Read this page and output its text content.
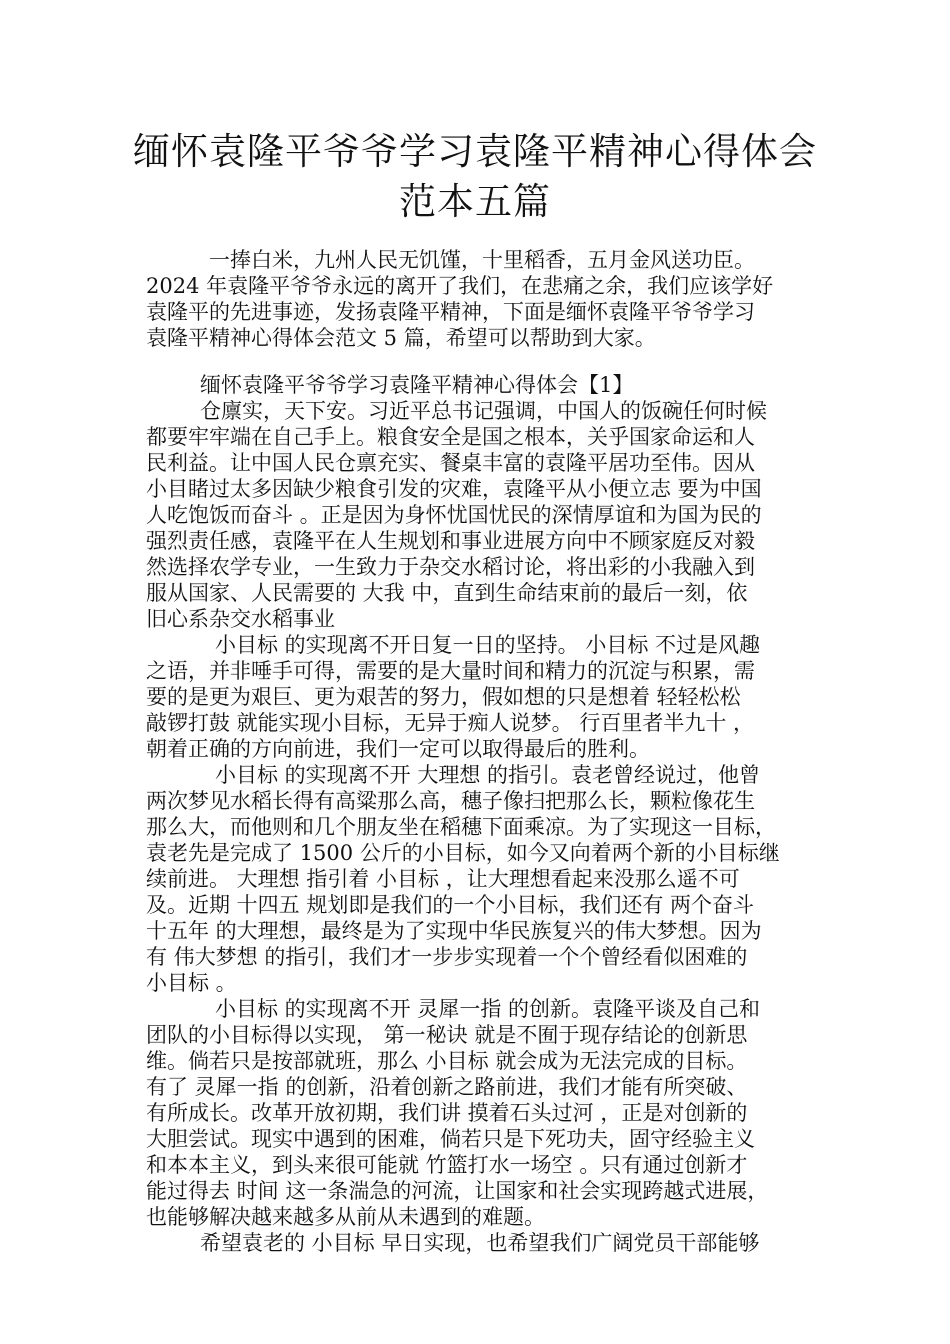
缅怀袁隆平爷爷学习袁隆平精神心得体会
范本五篇

一捧白米，九州人民无饥馑，十里稻香，五月金风送功臣。

2024 年袁隆平爷爷永远的离开了我们，在悲痛之余，我们应该学好

袁隆平的先进事迹，发扬袁隆平精神，下面是缅怀袁隆平爷爷学习

袁隆平精神心得体会范文 5 篇，希望可以帮助到大家。

缅怀袁隆平爷爷学习袁隆平精神心得体会【1】

仓廪实，天下安。习近平总书记强调，中国人的饭碗任何时候

都要牢牢端在自己手上。粮食安全是国之根本，关乎国家命运和人

民利益。让中国人民仓禀充实、餐桌丰富的袁隆平居功至伟。因从

小目睹过太多因缺少粮食引发的灾难，袁隆平从小便立志 要为中国

人吃饱饭而奋斗 。正是因为身怀忧国忧民的深情厚谊和为国为民的

强烈责任感，袁隆平在人生规划和事业进展方向中不顾家庭反对毅

然选择农学专业，一生致力于杂交水稻讨论，将出彩的小我融入到

服从国家、人民需要的 大我 中，直到生命结束前的最后一刻，依

旧心系杂交水稻事业

小目标 的实现离不开日复一日的坚持。 小目标 不过是风趣

之语，并非唾手可得，需要的是大量时间和精力的沉淀与积累，需

要的是更为艰巨、更为艰苦的努力，假如想的只是想着 轻轻松松

敲锣打鼓 就能实现小目标，无异于痴人说梦。 行百里者半九十 ，

朝着正确的方向前进，我们一定可以取得最后的胜利。

小目标 的实现离不开 大理想 的指引。袁老曾经说过，他曾

两次梦见水稻长得有高粱那么高，穗子像扫把那么长，颗粒像花生

那么大，而他则和几个朋友坐在稻穗下面乘凉。为了实现这一目标，

袁老先是完成了 1500 公斤的小目标，如今又向着两个新的小目标继

续前进。 大理想 指引着 小目标 ，让大理想看起来没那么遥不可

及。近期 十四五 规划即是我们的一个小目标，我们还有 两个奋斗

十五年 的大理想，最终是为了实现中华民族复兴的伟大梦想。因为

有 伟大梦想 的指引，我们才一步步实现着一个个曾经看似困难的

小目标 。

小目标 的实现离不开 灵犀一指 的创新。袁隆平谈及自己和

团队的小目标得以实现， 第一秘诀 就是不囿于现存结论的创新思

维。倘若只是按部就班，那么 小目标 就会成为无法完成的目标。

有了 灵犀一指 的创新，沿着创新之路前进，我们才能有所突破、

有所成长。改革开放初期，我们讲 摸着石头过河 ，正是对创新的

大胆尝试。现实中遇到的困难，倘若只是下死功夫，固守经验主义

和本本主义，到头来很可能就 竹篮打水一场空 。只有通过创新才

能过得去 时间 这一条湍急的河流，让国家和社会实现跨越式进展，

也能够解决越来越多从前从未遇到的难题。

希望袁老的 小目标 早日实现，也希望我们广阔党员干部能够
